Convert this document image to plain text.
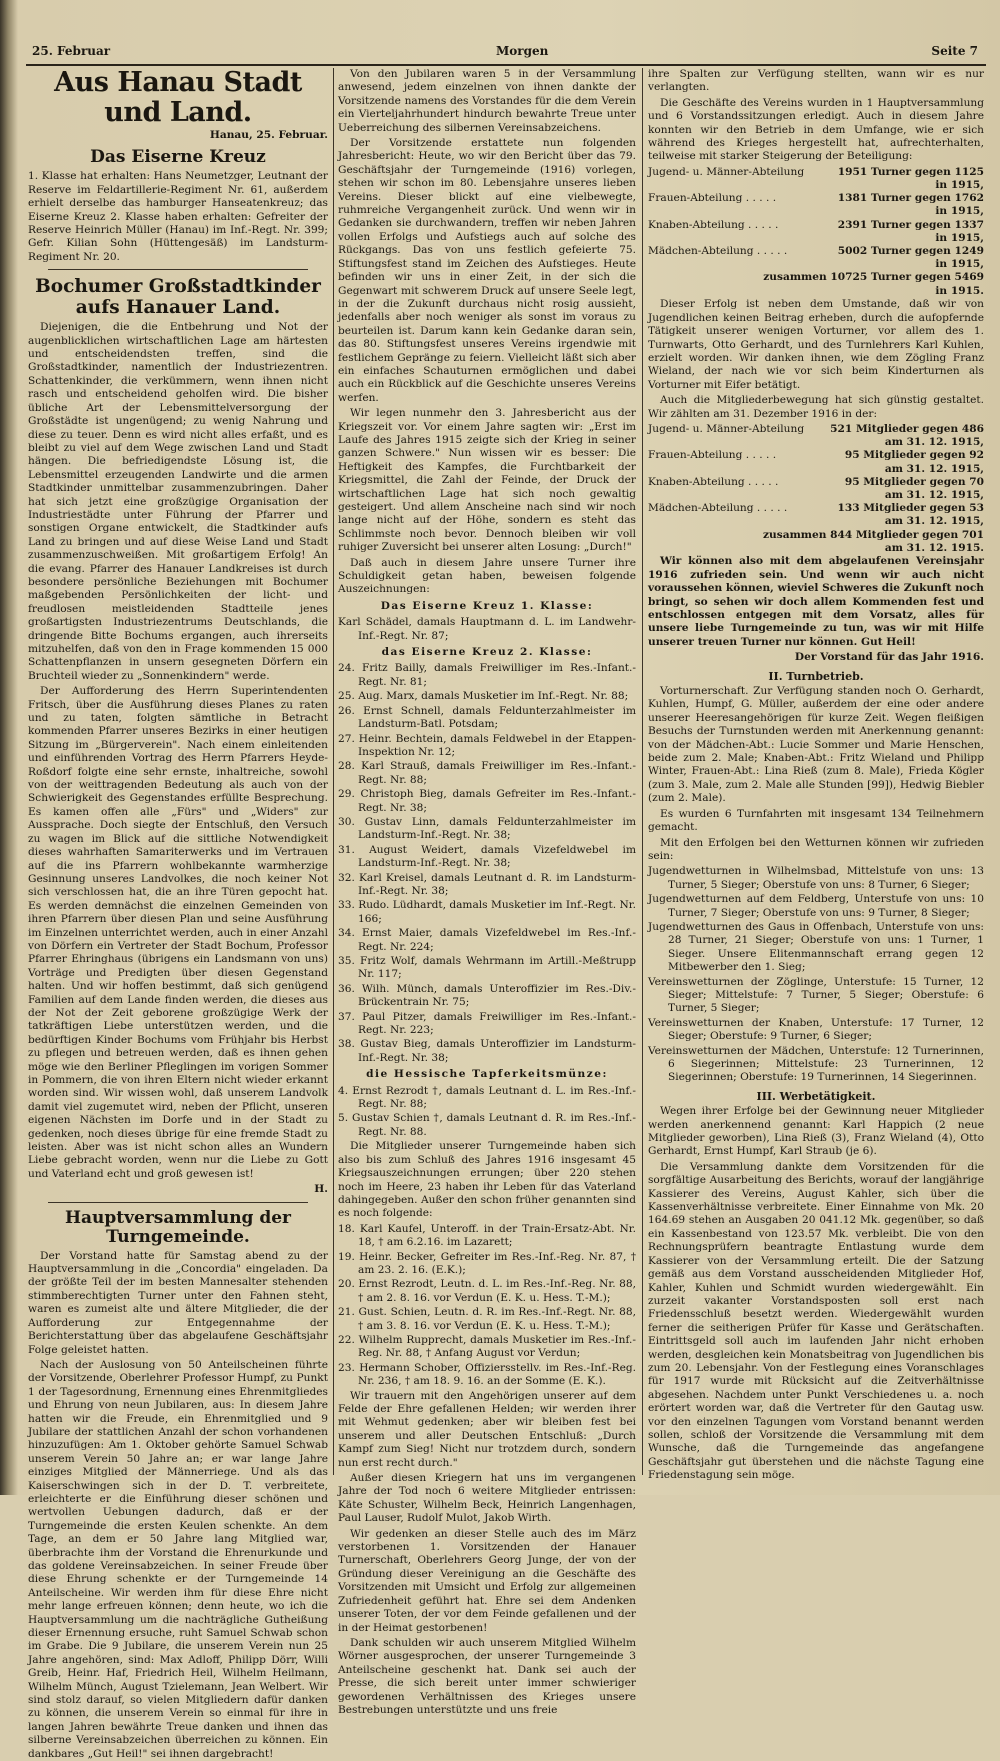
25. Februar	Morgen	Seite 7
Aus Hanau Stadt und Land.
Hanau, 25. Februar.
Das Eiserne Kreuz

1. Klasse hat erhalten: Hans Neumetzger, Leutnant der Reserve im Feldartillerie-Regiment Nr. 61, außerdem erhielt derselbe das hamburger Hanseatenkreuz; das Eiserne Kreuz 2. Klasse haben erhalten: Gefreiter der Reserve Heinrich Müller (Hanau) im Inf.-Regt. Nr. 399; Gefr. Kilian Sohn (Hüttengesäß) im Landsturm-Regiment Nr. 20.

Bochumer Großstadtkinder aufs Hanauer Land.

Diejenigen, die die Entbehrung und Not der augenblicklichen wirtschaftlichen Lage am härtesten und entscheidendsten treffen, sind die Großstadtkinder, namentlich der Industriezentren. Schattenkinder, die verkümmern, wenn ihnen nicht rasch und entscheidend geholfen wird. Die bisher übliche Art der Lebensmittelversorgung der Großstädte ist ungenügend; zu wenig Nahrung und diese zu teuer. Denn es wird nicht alles erfaßt, und es bleibt zu viel auf dem Wege zwischen Land und Stadt hängen. Die befriedigendste Lösung ist, die Lebensmittel erzeugenden Landwirte und die armen Stadtkinder unmittelbar zusammenzubringen. Daher hat sich jetzt eine großzügige Organisation der Industriestädte unter Führung der Pfarrer und sonstigen Organe entwickelt, die Stadtkinder aufs Land zu bringen und auf diese Weise Land und Stadt zusammenzuschweißen. Mit großartigem Erfolg! An die evang. Pfarrer des Hanauer Landkreises ist durch besondere persönliche Beziehungen mit Bochumer maßgebenden Persönlichkeiten der licht- und freudlosen meistleidenden Stadtteile jenes großartigsten Industriezentrums Deutschlands, die dringende Bitte Bochums ergangen, auch ihrerseits mitzuhelfen, daß von den in Frage kommenden 15 000 Schattenpflanzen in unsern gesegneten Dörfern ein Bruchteil wieder zu „Sonnenkindern" werde.

Der Aufforderung des Herrn Superintendenten Fritsch, über die Ausführung dieses Planes zu raten und zu taten, folgten sämtliche in Betracht kommenden Pfarrer unseres Bezirks in einer heutigen Sitzung im „Bürgerverein". Nach einem einleitenden und einführenden Vortrag des Herrn Pfarrers Heyde-Roßdorf folgte eine sehr ernste, inhaltreiche, sowohl von der weittragenden Bedeutung als auch von der Schwierigkeit des Gegenstandes erfüllte Besprechung. Es kamen offen alle „Fürs" und „Widers" zur Aussprache. Doch siegte der Entschluß, den Versuch zu wagen im Blick auf die sittliche Notwendigkeit dieses wahrhaften Samariterwerks und im Vertrauen auf die ins Pfarrern wohlbekannte warmherzige Gesinnung unseres Landvolkes, die noch keiner Not sich verschlossen hat, die an ihre Türen gepocht hat. Es werden demnächst die einzelnen Gemeinden von ihren Pfarrern über diesen Plan und seine Ausführung im Einzelnen unterrichtet werden, auch in einer Anzahl von Dörfern ein Vertreter der Stadt Bochum, Professor Pfarrer Ehringhaus (übrigens ein Landsmann von uns) Vorträge und Predigten über diesen Gegenstand halten. Und wir hoffen bestimmt, daß sich genügend Familien auf dem Lande finden werden, die dieses aus der Not der Zeit geborene großzügige Werk der tatkräftigen Liebe unterstützen werden, und die bedürftigen Kinder Bochums vom Frühjahr bis Herbst zu pflegen und betreuen werden, daß es ihnen gehen möge wie den Berliner Pfleglingen im vorigen Sommer in Pommern, die von ihren Eltern nicht wieder erkannt worden sind. Wir wissen wohl, daß unserem Landvolk damit viel zugemutet wird, neben der Pflicht, unseren eigenen Nächsten im Dorfe und in der Stadt zu gedenken, noch dieses übrige für eine fremde Stadt zu leisten. Aber was ist nicht schon alles an Wundern Liebe gebracht worden, wenn nur die Liebe zu Gott und Vaterland echt und groß gewesen ist!

H.
Hauptversammlung der Turngemeinde.

Der Vorstand hatte für Samstag abend zu der Hauptversammlung in die „Concordia" eingeladen. Da der größte Teil der im besten Mannesalter stehenden stimmberechtigten Turner unter den Fahnen steht, waren es zumeist alte und ältere Mitglieder, die der Aufforderung zur Entgegennahme der Berichterstattung über das abgelaufene Geschäftsjahr Folge geleistet hatten.

Nach der Auslosung von 50 Anteilscheinen führte der Vorsitzende, Oberlehrer Professor Humpf, zu Punkt 1 der Tagesordnung, Ernennung eines Ehrenmitgliedes und Ehrung von neun Jubilaren, aus: In diesem Jahre hatten wir die Freude, ein Ehrenmitglied und 9 Jubilare der stattlichen Anzahl der schon vorhandenen hinzuzufügen: Am 1. Oktober gehörte Samuel Schwab unserem Verein 50 Jahre an; er war lange Jahre einziges Mitglied der Männerriege. Und als das Kaiserschwingen sich in der D. T. verbreitete, erleichterte er die Einführung dieser schönen und wertvollen Uebungen dadurch, daß er der Turngemeinde die ersten Keulen schenkte. An dem Tage, an dem er 50 Jahre lang Mitglied war, überbrachte ihm der Vorstand die Ehrenurkunde und das goldene Vereinsabzeichen. In seiner Freude über diese Ehrung schenkte er der Turngemeinde 14 Anteilscheine. Wir werden ihm für diese Ehre nicht mehr lange erfreuen können; denn heute, wo ich die Hauptversammlung um die nachträgliche Gutheißung dieser Ernennung ersuche, ruht Samuel Schwab schon im Grabe. Die 9 Jubilare, die unserem Verein nun 25 Jahre angehören, sind: Max Adloff, Philipp Dörr, Willi Greib, Heinr. Haf, Friedrich Heil, Wilhelm Heilmann, Wilhelm Münch, August Tzielemann, Jean Welbert. Wir sind stolz darauf, so vielen Mitgliedern dafür danken zu können, die unserem Verein so einmal für ihre in langen Jahren bewährte Treue danken und ihnen das silberne Vereinsabzeichen überreichen zu können. Ein dankbares „Gut Heil!" sei ihnen dargebracht!

Von den Jubilaren waren 5 in der Versammlung anwesend, jedem einzelnen von ihnen dankte der Vorsitzende namens des Vorstandes für die dem Verein ein Vierteljahrhundert hindurch bewahrte Treue unter Ueberreichung des silbernen Vereinsabzeichens.

Der Vorsitzende erstattete nun folgenden Jahresbericht: Heute, wo wir den Bericht über das 79. Geschäftsjahr der Turngemeinde (1916) vorlegen, stehen wir schon im 80. Lebensjahre unseres lieben Vereins. Dieser blickt auf eine vielbewegte, ruhmreiche Vergangenheit zurück. Und wenn wir in Gedanken sie durchwandern, treffen wir neben Jahren vollen Erfolgs und Aufstiegs auch auf solche des Rückgangs. Das von uns festlich gefeierte 75. Stiftungsfest stand im Zeichen des Aufstieges. Heute befinden wir uns in einer Zeit, in der sich die Gegenwart mit schwerem Druck auf unsere Seele legt, in der die Zukunft durchaus nicht rosig aussieht, jedenfalls aber noch weniger als sonst im voraus zu beurteilen ist. Darum kann kein Gedanke daran sein, das 80. Stiftungsfest unseres Vereins irgendwie mit festlichem Gepränge zu feiern. Vielleicht läßt sich aber ein einfaches Schauturnen ermöglichen und dabei auch ein Rückblick auf die Geschichte unseres Vereins werfen.

Wir legen nunmehr den 3. Jahresbericht aus der Kriegszeit vor. Vor einem Jahre sagten wir: „Erst im Laufe des Jahres 1915 zeigte sich der Krieg in seiner ganzen Schwere." Nun wissen wir es besser: Die Heftigkeit des Kampfes, die Furchtbarkeit der Kriegsmittel, die Zahl der Feinde, der Druck der wirtschaftlichen Lage hat sich noch gewaltig gesteigert. Und allem Anscheine nach sind wir noch lange nicht auf der Höhe, sondern es steht das Schlimmste noch bevor. Dennoch bleiben wir voll ruhiger Zuversicht bei unserer alten Losung: „Durch!"

Daß auch in diesem Jahre unsere Turner ihre Schuldigkeit getan haben, beweisen folgende Auszeichnungen:

Das Eiserne Kreuz 1. Klasse:
Karl Schädel, damals Hauptmann d. L. im Landwehr-Inf.-Regt. Nr. 87;
das Eiserne Kreuz 2. Klasse:
24. Fritz Bailly, damals Freiwilliger im Res.-Infant.-Regt. Nr. 81;
25. Aug. Marx, damals Musketier im Inf.-Regt. Nr. 88;
26. Ernst Schnell, damals Feldunterzahlmeister im Landsturm-Batl. Potsdam;
27. Heinr. Bechtein, damals Feldwebel in der Etappen-Inspektion Nr. 12;
28. Karl Strauß, damals Freiwilliger im Res.-Infant.-Regt. Nr. 88;
29. Christoph Bieg, damals Gefreiter im Res.-Infant.-Regt. Nr. 38;
30. Gustav Linn, damals Feldunterzahlmeister im Landsturm-Inf.-Regt. Nr. 38;
31. August Weidert, damals Vizefeldwebel im Landsturm-Inf.-Regt. Nr. 38;
32. Karl Kreisel, damals Leutnant d. R. im Landsturm-Inf.-Regt. Nr. 38;
33. Rudo. Lüdhardt, damals Musketier im Inf.-Regt. Nr. 166;
34. Ernst Maier, damals Vizefeldwebel im Res.-Inf.-Regt. Nr. 224;
35. Fritz Wolf, damals Wehrmann im Artill.-Meßtrupp Nr. 117;
36. Wilh. Münch, damals Unteroffizier im Res.-Div.-Brückentrain Nr. 75;
37. Paul Pitzer, damals Freiwilliger im Res.-Infant.-Regt. Nr. 223;
38. Gustav Bieg, damals Unteroffizier im Landsturm-Inf.-Regt. Nr. 38;
die Hessische Tapferkeitsmünze:
4. Ernst Rezrodt †, damals Leutnant d. L. im Res.-Inf.-Regt. Nr. 88;
5. Gustav Schien †, damals Leutnant d. R. im Res.-Inf.-Regt. Nr. 88.

Die Mitglieder unserer Turngemeinde haben sich also bis zum Schluß des Jahres 1916 insgesamt 45 Kriegsauszeichnungen errungen; über 220 stehen noch im Heere, 23 haben ihr Leben für das Vaterland dahingegeben. Außer den schon früher genannten sind es noch folgende:

18. Karl Kaufel, Unteroff. in der Train-Ersatz-Abt. Nr. 18, † am 6.2.16. im Lazarett;
19. Heinr. Becker, Gefreiter im Res.-Inf.-Reg. Nr. 87, † am 23. 2. 16. (E.K.);
20. Ernst Rezrodt, Leutn. d. L. im Res.-Inf.-Reg. Nr. 88, † am 2. 8. 16. vor Verdun (E. K. u. Hess. T.-M.);
21. Gust. Schien, Leutn. d. R. im Res.-Inf.-Regt. Nr. 88, † am 3. 8. 16. vor Verdun (E. K. u. Hess. T.-M.);
22. Wilhelm Rupprecht, damals Musketier im Res.-Inf.-Reg. Nr. 88, † Anfang August vor Verdun;
23. Hermann Schober, Offiziersstellv. im Res.-Inf.-Reg. Nr. 236, † am 18. 9. 16. an der Somme (E. K.).

Wir trauern mit den Angehörigen unserer auf dem Felde der Ehre gefallenen Helden; wir werden ihrer mit Wehmut gedenken; aber wir bleiben fest bei unserem und aller Deutschen Entschluß: „Durch Kampf zum Sieg! Nicht nur trotzdem durch, sondern nun erst recht durch."

Außer diesen Kriegern hat uns im vergangenen Jahre der Tod noch 6 weitere Mitglieder entrissen: Käte Schuster, Wilhelm Beck, Heinrich Langenhagen, Paul Lauser, Rudolf Mulot, Jakob Wirth.

Wir gedenken an dieser Stelle auch des im März verstorbenen 1. Vorsitzenden der Hanauer Turnerschaft, Oberlehrers Georg Junge, der von der Gründung dieser Vereinigung an die Geschäfte des Vorsitzenden mit Umsicht und Erfolg zur allgemeinen Zufriedenheit geführt hat. Ehre sei dem Andenken unserer Toten, der vor dem Feinde gefallenen und der in der Heimat gestorbenen!

Dank schulden wir auch unserem Mitglied Wilhelm Wörner ausgesprochen, der unserer Turngemeinde 3 Anteilscheine geschenkt hat. Dank sei auch der Presse, die sich bereit unter immer schwieriger gewordenen Verhältnissen des Krieges unsere Bestrebungen unterstützte und uns freie

ihre Spalten zur Verfügung stellten, wann wir es nur verlangten.

Die Geschäfte des Vereins wurden in 1 Hauptversammlung und 6 Vorstandssitzungen erledigt. Auch in diesem Jahre konnten wir den Betrieb in dem Umfange, wie er sich während des Krieges hergestellt hat, aufrechterhalten, teilweise mit starker Steigerung der Beteiligung:

Jugend- u. Männer-Abteilung	1951 Turner gegen 1125
	in 1915,
Frauen-Abteilung . . . . .	1381 Turner gegen 1762
	in 1915,
Knaben-Abteilung . . . . .	2391 Turner gegen 1337
	in 1915,
Mädchen-Abteilung . . . . .	5002 Turner gegen 1249
	in 1915,
zusammen 10725 Turner gegen 5469
in 1915.

Dieser Erfolg ist neben dem Umstande, daß wir von Jugendlichen keinen Beitrag erheben, durch die aufopfernde Tätigkeit unserer wenigen Vorturner, vor allem des 1. Turnwarts, Otto Gerhardt, und des Turnlehrers Karl Kuhlen, erzielt worden. Wir danken ihnen, wie dem Zögling Franz Wieland, der nach wie vor sich beim Kinderturnen als Vorturner mit Eifer betätigt.

Auch die Mitgliederbewegung hat sich günstig gestaltet. Wir zählten am 31. Dezember 1916 in der:

Jugend- u. Männer-Abteilung	521 Mitglieder gegen 486
	am 31. 12. 1915,
Frauen-Abteilung . . . . .	95 Mitglieder gegen 92
	am 31. 12. 1915,
Knaben-Abteilung . . . . .	95 Mitglieder gegen 70
	am 31. 12. 1915,
Mädchen-Abteilung . . . . .	133 Mitglieder gegen 53
	am 31. 12. 1915,
zusammen 844 Mitglieder gegen 701
am 31. 12. 1915.

Wir können also mit dem abgelaufenen Vereinsjahr 1916 zufrieden sein. Und wenn wir auch nicht voraussehen können, wieviel Schweres die Zukunft noch bringt, so sehen wir doch allem Kommenden fest und entschlossen entgegen mit dem Vorsatz, alles für unsere liebe Turngemeinde zu tun, was wir mit Hilfe unserer treuen Turner nur können. Gut Heil!

Der Vorstand für das Jahr 1916.
II. Turnbetrieb.

Vorturnerschaft. Zur Verfügung standen noch O. Gerhardt, Kuhlen, Humpf, G. Müller, außerdem der eine oder andere unserer Heeresangehörigen für kurze Zeit. Wegen fleißigen Besuchs der Turnstunden werden mit Anerkennung genannt: von der Mädchen-Abt.: Lucie Sommer und Marie Henschen, beide zum 2. Male; Knaben-Abt.: Fritz Wieland und Philipp Winter, Frauen-Abt.: Lina Rieß (zum 8. Male), Frieda Kögler (zum 3. Male, zum 2. Male alle Stunden [99]), Hedwig Biebler (zum 2. Male).

Es wurden 6 Turnfahrten mit insgesamt 134 Teilnehmern gemacht.

Mit den Erfolgen bei den Wetturnen können wir zufrieden sein:

Jugendwetturnen in Wilhelmsbad, Mittelstufe von uns: 13 Turner, 5 Sieger; Oberstufe von uns: 8 Turner, 6 Sieger;
Jugendwetturnen auf dem Feldberg, Unterstufe von uns: 10 Turner, 7 Sieger; Oberstufe von uns: 9 Turner, 8 Sieger;
Jugendwetturnen des Gaus in Offenbach, Unterstufe von uns: 28 Turner, 21 Sieger; Oberstufe von uns: 1 Turner, 1 Sieger. Unsere Elitenmannschaft errang gegen 12 Mitbewerber den 1. Sieg;
Vereinswetturnen der Zöglinge, Unterstufe: 15 Turner, 12 Sieger; Mittelstufe: 7 Turner, 5 Sieger; Oberstufe: 6 Turner, 5 Sieger;
Vereinswetturnen der Knaben, Unterstufe: 17 Turner, 12 Sieger; Oberstufe: 9 Turner, 6 Sieger;
Vereinswetturnen der Mädchen, Unterstufe: 12 Turnerinnen, 6 Siegerinnen; Mittelstufe: 23 Turnerinnen, 12 Siegerinnen; Oberstufe: 19 Turnerinnen, 14 Siegerinnen.
III. Werbetätigkeit.

Wegen ihrer Erfolge bei der Gewinnung neuer Mitglieder werden anerkennend genannt: Karl Happich (2 neue Mitglieder geworben), Lina Rieß (3), Franz Wieland (4), Otto Gerhardt, Ernst Humpf, Karl Straub (je 6).

Die Versammlung dankte dem Vorsitzenden für die sorgfältige Ausarbeitung des Berichts, worauf der langjährige Kassierer des Vereins, August Kahler, sich über die Kassenverhältnisse verbreitete. Einer Einnahme von Mk. 20 164.69 stehen an Ausgaben 20 041.12 Mk. gegenüber, so daß ein Kassenbestand von 123.57 Mk. verbleibt. Die von den Rechnungsprüfern beantragte Entlastung wurde dem Kassierer von der Versammlung erteilt. Die der Satzung gemäß aus dem Vorstand ausscheidenden Mitglieder Hof, Kahler, Kuhlen und Schmidt wurden wiedergewählt. Ein zurzeit vakanter Vorstandsposten soll erst nach Friedensschluß besetzt werden. Wiedergewählt wurden ferner die seitherigen Prüfer für Kasse und Gerätschaften. Eintrittsgeld soll auch im laufenden Jahr nicht erhoben werden, desgleichen kein Monatsbeitrag von Jugendlichen bis zum 20. Lebensjahr. Von der Festlegung eines Voranschlages für 1917 wurde mit Rücksicht auf die Zeitverhältnisse abgesehen. Nachdem unter Punkt Verschiedenes u. a. noch erörtert worden war, daß die Vertreter für den Gautag usw. vor den einzelnen Tagungen vom Vorstand benannt werden sollen, schloß der Vorsitzende die Versammlung mit dem Wunsche, daß die Turngemeinde das angefangene Geschäftsjahr gut überstehen und die nächste Tagung eine Friedenstagung sein möge.
